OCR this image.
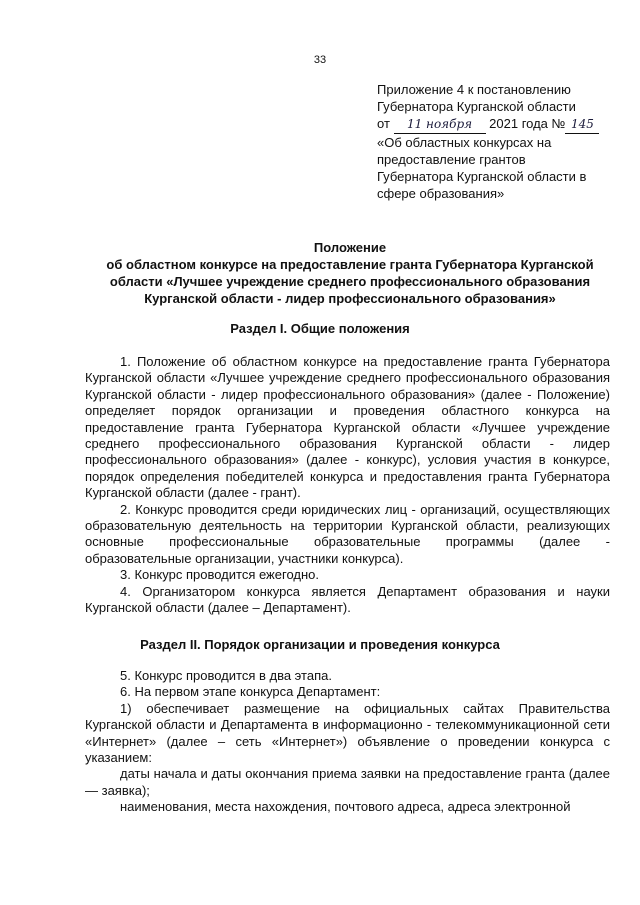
33
Приложение 4 к постановлению
Губернатора Курганской области
от 11 ноября 2021 года № 145
«Об областных конкурсах на
предоставление грантов
Губернатора Курганской области в
сфере образования»
Положение
об областном конкурсе на предоставление гранта Губернатора Курганской
области «Лучшее учреждение среднего профессионального образования
Курганской области - лидер профессионального образования»
Раздел I. Общие положения

1. Положение об областном конкурсе на предоставление гранта Губернатора Курганской области «Лучшее учреждение среднего профессионального образования Курганской области - лидер профессионального образования» (далее - Положение) определяет порядок организации и проведения областного конкурса на предоставление гранта Губернатора Курганской области «Лучшее учреждение среднего профессионального образования Курганской области - лидер профессионального образования» (далее - конкурс), условия участия в конкурсе, порядок определения победителей конкурса и предоставления гранта Губернатора Курганской области (далее - грант).

2. Конкурс проводится среди юридических лиц - организаций, осуществляющих образовательную деятельность на территории Курганской области, реализующих основные профессиональные образовательные программы (далее - образовательные организации, участники конкурса).

3. Конкурс проводится ежегодно.

4. Организатором конкурса является Департамент образования и науки Курганской области (далее – Департамент).

Раздел II. Порядок организации и проведения конкурса

5. Конкурс проводится в два этапа.

6. На первом этапе конкурса Департамент:

1) обеспечивает размещение на официальных сайтах Правительства Курганской области и Департамента в информационно - телекоммуникационной сети «Интернет» (далее – сеть «Интернет») объявление о проведении конкурса с указанием:

даты начала и даты окончания приема заявки на предоставление гранта (далее — заявка);

наименования, места нахождения, почтового адреса, адреса электронной
